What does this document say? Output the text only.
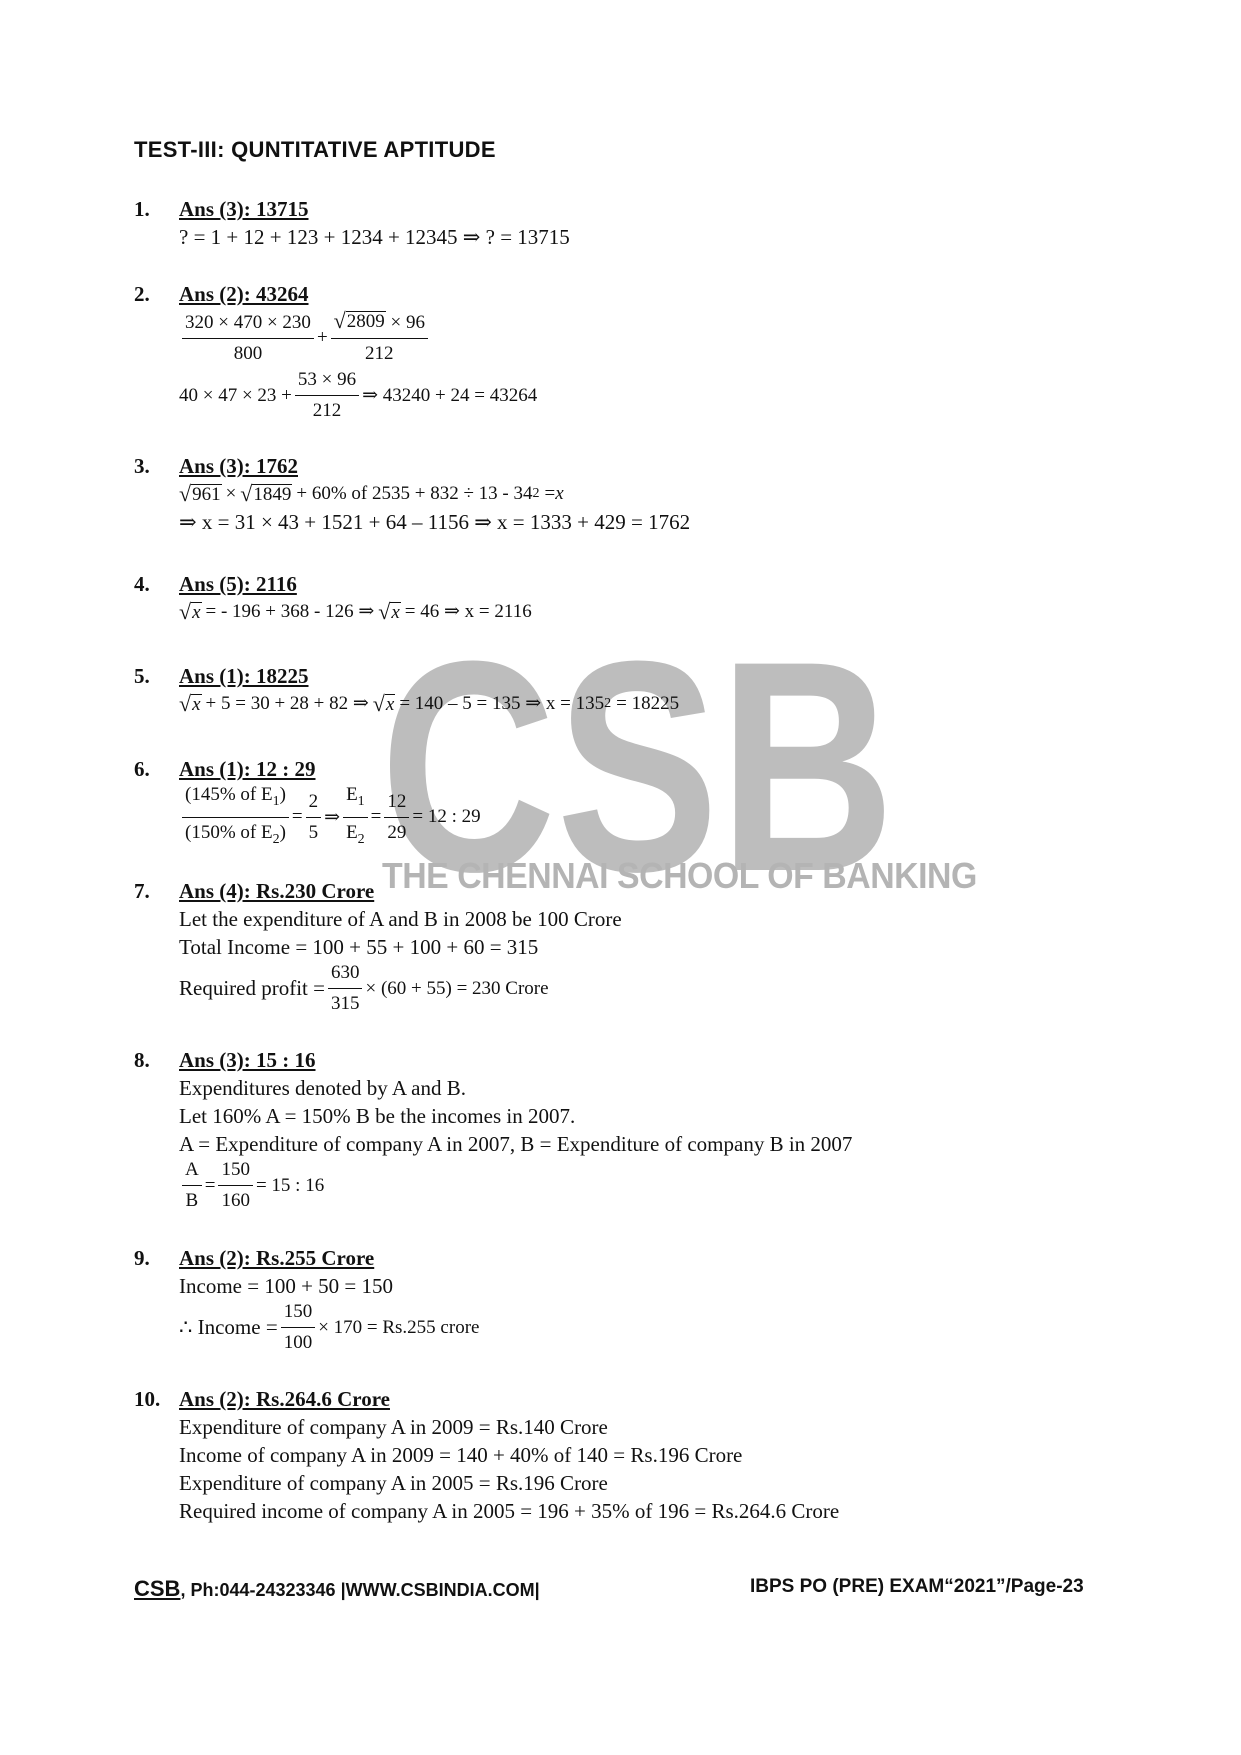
CSB
THE CHENNAI SCHOOL OF BANKING
TEST-III: QUNTITATIVE APTITUDE
1. Ans (3): 13715
? = 1 + 12 + 123 + 1234 + 12345 ⇒ ? = 13715
2. Ans (2): 43264
$\frac{320 \times 470 \times 230}{800} + \frac{√ 2809 \times 96}{212}$
$40 \times 47 \times 23 + \frac{53 \times 96}{212}$ ⇒ 43240 + 24 = 43264
3. Ans (3): 1762
√ 961 × √ 1849 + 60% of 2535 + 832 ÷ 13 - 34 2 = x
⇒ x = 31 × 43 + 1521 + 64 – 1156 ⇒ x = 1333 + 429 = 1762
4. Ans (5): 2116
√ x = - 196 + 368 - 126 ⇒ √ x = 46 ⇒ x = 2116
5. Ans (1): 18225
√ x + 5 = 30 + 28 + 82 ⇒ √ x = 140 – 5 = 135 ⇒ x = 135 2 = 18225
6. Ans (1): 12 : 29
$\frac{(145\% of E_1)}{(150\% of E_2)} = \frac{2}{5}$ ⇒ $\frac{E_1}{E_2} = \frac{12}{29} = 12$ : 29
7. Ans (4): Rs.230 Crore
Let the expenditure of A and B in 2008 be 100 Crore
Total Income = 100 + 55 + 100 + 60 = 315
Required profit = $\frac{630}{315} \times (60 + 55) = 230$ Crore
8. Ans (3): 15 : 16
Expenditures denoted by A and B.
Let 160% A = 150% B be the incomes in 2007.
A = Expenditure of company A in 2007, B = Expenditure of company B in 2007
$\frac{A}{B} = \frac{150}{160} = 15$ : 16
9. Ans (2): Rs.255 Crore
Income = 100 + 50 = 150
∴ Income = $\frac{150}{100} \times 170 = Rs.255$ crore
10. Ans (2): Rs.264.6 Crore
Expenditure of company A in 2009 = Rs.140 Crore
Income of company A in 2009 = 140 + 40% of 140 = Rs.196 Crore
Expenditure of company A in 2005 = Rs.196 Crore
Required income of company A in 2005 = 196 + 35% of 196 = Rs.264.6 Crore
CSB, Ph:044-24323346 |WWW.CSBINDIA.COM|	IBPS PO (PRE) EXAM“2021”/Page-23
